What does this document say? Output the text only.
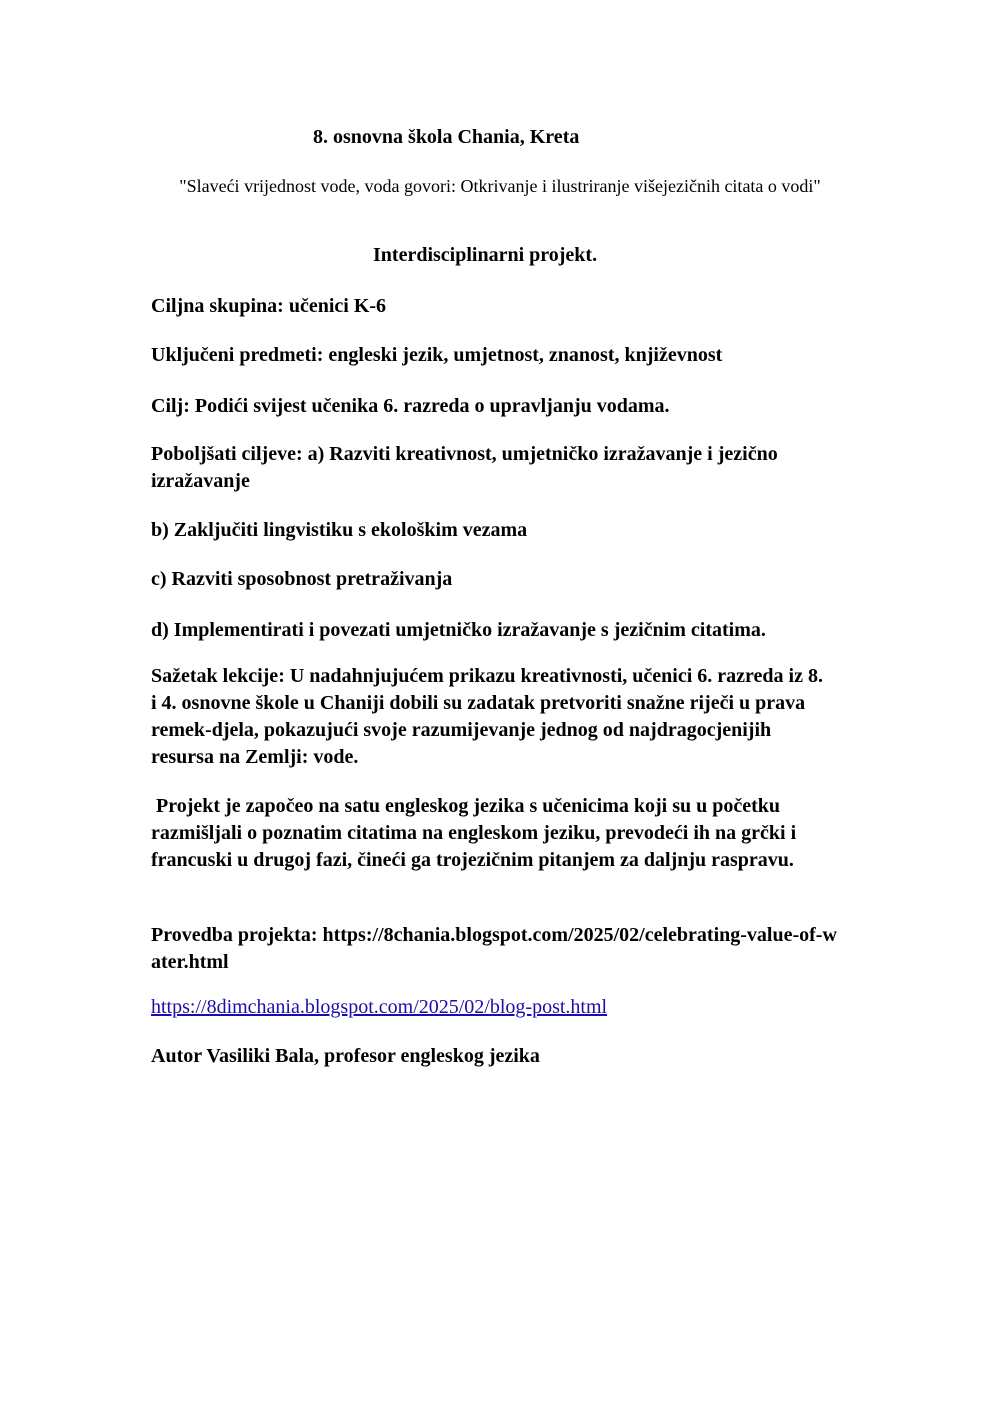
8. osnovna škola Chania, Kreta
"Slaveći vrijednost vode, voda govori: Otkrivanje i ilustriranje višejezičnih citata o vodi"
Interdisciplinarni projekt.
Ciljna skupina: učenici K-6
Uključeni predmeti: engleski jezik, umjetnost, znanost, književnost
Cilj: Podići svijest učenika 6. razreda o upravljanju vodama.
Poboljšati ciljeve: a) Razviti kreativnost, umjetničko izražavanje i jezično izražavanje
b) Zaključiti lingvistiku s ekološkim vezama
c) Razviti sposobnost pretraživanja
d) Implementirati i povezati umjetničko izražavanje s jezičnim citatima.
Sažetak lekcije: U nadahnjujućem prikazu kreativnosti, učenici 6. razreda iz 8. i 4. osnovne škole u Chaniji dobili su zadatak pretvoriti snažne riječi u prava remek-djela, pokazujući svoje razumijevanje jednog od najdragocjenijih resursa na Zemlji: vode.
Projekt je započeo na satu engleskog jezika s učenicima koji su u početku razmišljali o poznatim citatima na engleskom jeziku, prevodeći ih na grčki i francuski u drugoj fazi, čineći ga trojezičnim pitanjem za daljnju raspravu.
Provedba projekta: https://8chania.blogspot.com/2025/02/celebrating-value-of-water.html
https://8dimchania.blogspot.com/2025/02/blog-post.html
Autor Vasiliki Bala, profesor engleskog jezika
